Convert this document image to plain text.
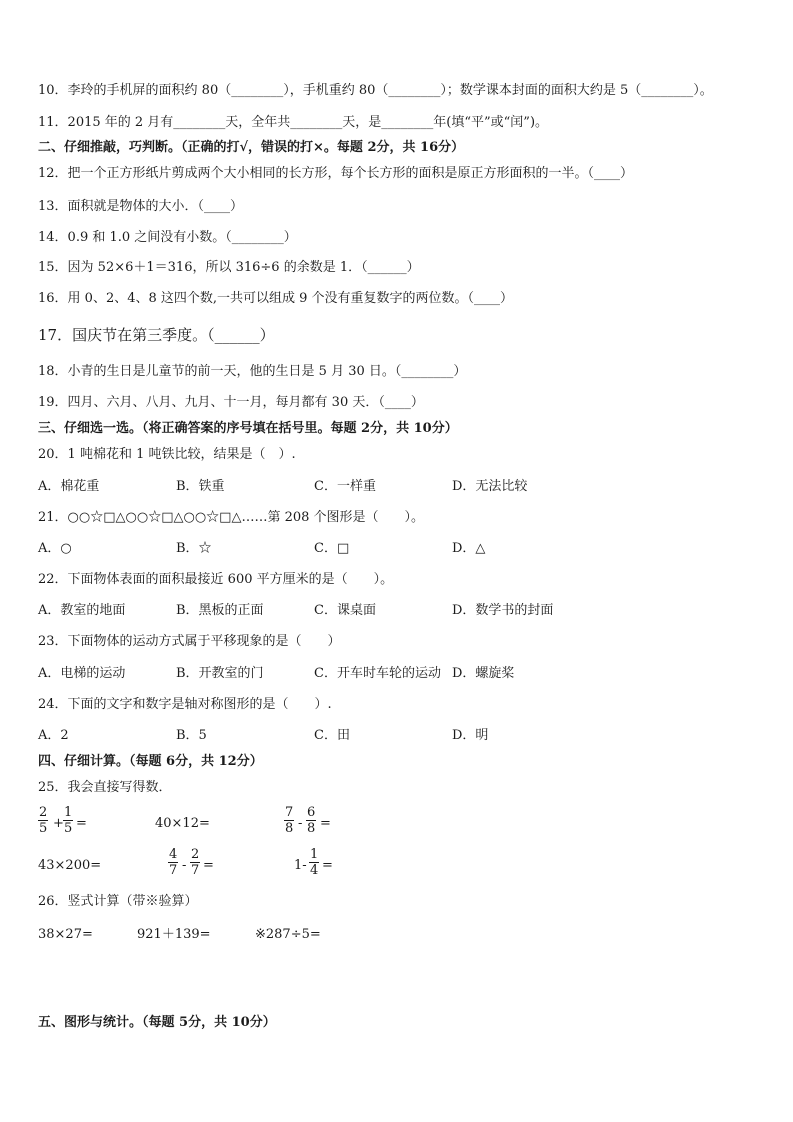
10．李玲的手机屏的面积约 80（________），手机重约 80（________）；数学课本封面的面积大约是 5（________）。
11．2015 年的 2 月有________天，全年共________天，是________年(填“平”或“闰”)。
二、仔细推敲，巧判断。（正确的打√，错误的打×。每题 2分，共 16分）
12．把一个正方形纸片剪成两个大小相同的长方形，每个长方形的面积是原正方形面积的一半。（____）
13．面积就是物体的大小．（____）
14．0.9 和 1.0 之间没有小数。（________）
15．因为 52×6＋1＝316，所以 316÷6 的余数是 1．（______）
16．用 0、2、4、8 这四个数,一共可以组成 9 个没有重复数字的两位数。（____）
17．国庆节在第三季度。（______）
18．小青的生日是儿童节的前一天，他的生日是 5 月 30 日。（________）
19．四月、六月、八月、九月、十一月，每月都有 30 天．（____）
三、仔细选一选。（将正确答案的序号填在括号里。每题 2分，共 10分）
20．1 吨棉花和 1 吨铁比较，结果是（　）.
A．棉花重	B．铁重	C．一样重	D．无法比较
21．○○☆□△○○☆□△○○☆□△……第 208 个图形是（　　）。
A．○	B．☆	C．□	D．△
22．下面物体表面的面积最接近 600 平方厘米的是（　　）。
A．教室的地面	B．黑板的正面	C．课桌面	D．数学书的封面
23．下面物体的运动方式属于平移现象的是（　　）
A．电梯的运动	B．开教室的门	C．开车时车轮的运动 D．螺旋桨
24．下面的文字和数字是轴对称图形的是（　　）.
A．2	B．5	C．田	D．明
四、仔细计算。（每题 6分，共 12分）
25．我会直接写得数．
$\frac{2}{5} + \frac{1}{5}$ =	40×12=	$\frac{7}{8} - \frac{6}{8}$ =
43×200=	$\frac{4}{7} - \frac{2}{7}$ =	$1- \frac{1}{4}$ =
26．竖式计算（带※验算）
38×27=	921＋139=	※287÷5=
五、图形与统计。（每题 5分，共 10分）
